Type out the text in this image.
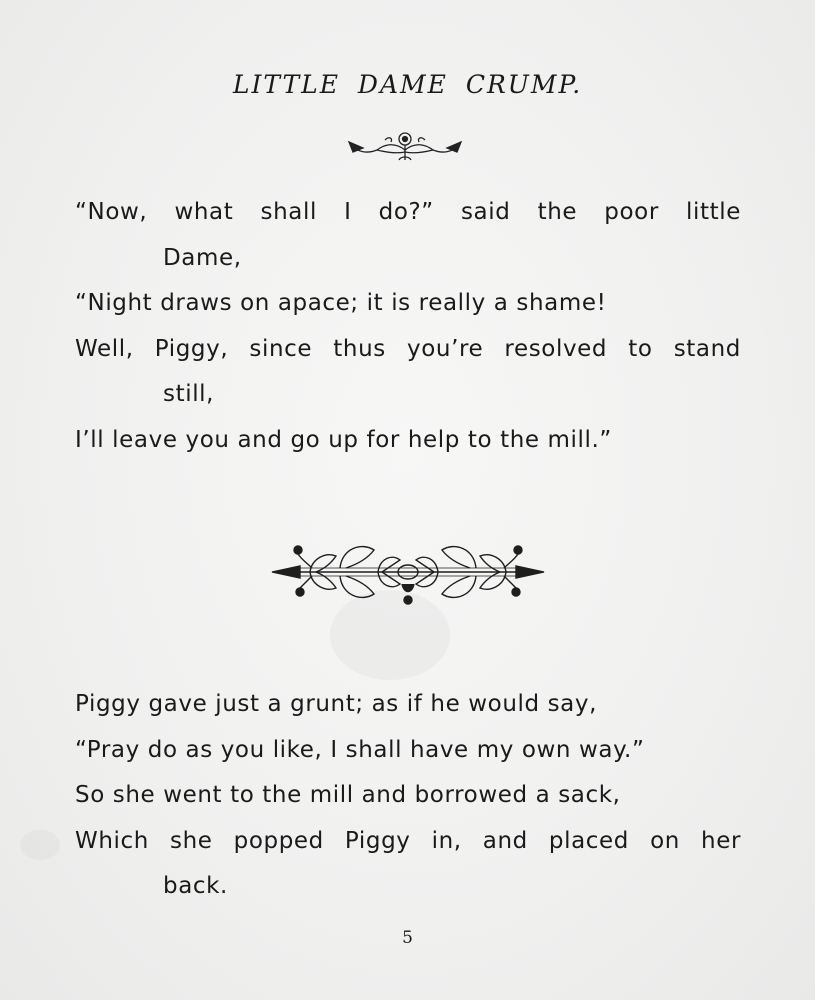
LITTLE DAME CRUMP.
“Now, what shall I do?” said the poor little
Dame,
“Night draws on apace; it is really a shame!
Well, Piggy, since thus you’re resolved to stand
still,
I’ll leave you and go up for help to the mill.”
Piggy gave just a grunt; as if he would say,
“Pray do as you like, I shall have my own way.”
So she went to the mill and borrowed a sack,
Which she popped Piggy in, and placed on her
back.
5
